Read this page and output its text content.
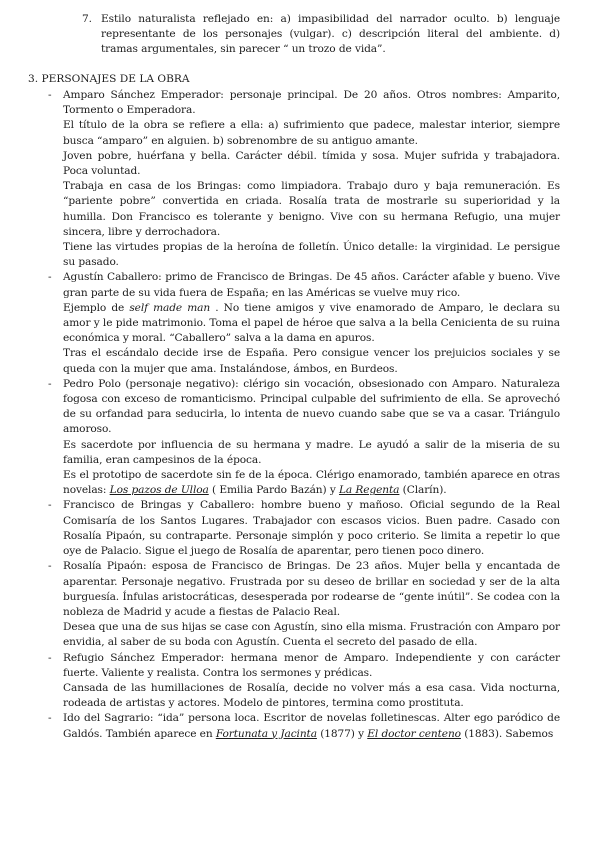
7. Estilo naturalista reflejado en: a) impasibilidad del narrador oculto. b) lenguaje representante de los personajes (vulgar). c) descripción literal del ambiente. d) tramas argumentales, sin parecer “ un trozo de vida”.
3. PERSONAJES DE LA OBRA
- Amparo Sánchez Emperador: personaje principal. De 20 años. Otros nombres: Amparito, Tormento o Emperadora.

El título de la obra se refiere a ella: a) sufrimiento que padece, malestar interior, siempre busca “amparo” en alguien. b) sobrenombre de su antiguo amante.

Joven pobre, huérfana y bella. Carácter débil. tímida y sosa. Mujer sufrida y trabajadora. Poca voluntad.

Trabaja en casa de los Bringas: como limpiadora. Trabajo duro y baja remuneración. Es “pariente pobre” convertida en criada. Rosalía trata de mostrarle su superioridad y la humilla. Don Francisco es tolerante y benigno. Vive con su hermana Refugio, una mujer sincera, libre y derrochadora.

Tiene las virtudes propias de la heroína de folletín. Único detalle: la virginidad. Le persigue su pasado.

- Agustín Caballero: primo de Francisco de Bringas. De 45 años. Carácter afable y bueno. Vive gran parte de su vida fuera de España; en las Américas se vuelve muy rico.

Ejemplo de self made man . No tiene amigos y vive enamorado de Amparo, le declara su amor y le pide matrimonio. Toma el papel de héroe que salva a la bella Cenicienta de su ruina económica y moral. “Caballero” salva a la dama en apuros.

Tras el escándalo decide irse de España. Pero consigue vencer los prejuicios sociales y se queda con la mujer que ama. Instalándose, ámbos, en Burdeos.

- Pedro Polo (personaje negativo): clérigo sin vocación, obsesionado con Amparo. Naturaleza fogosa con exceso de romanticismo. Principal culpable del sufrimiento de ella. Se aprovechó de su orfandad para seducirla, lo intenta de nuevo cuando sabe que se va a casar. Triángulo amoroso.

Es sacerdote por influencia de su hermana y madre. Le ayudó a salir de la miseria de su familia, eran campesinos de la época.

Es el prototipo de sacerdote sin fe de la época. Clérigo enamorado, también aparece en otras novelas: Los pazos de Ulloa ( Emilia Pardo Bazán) y La Regenta (Clarín).

- Francisco de Bringas y Caballero: hombre bueno y mañoso. Oficial segundo de la Real Comisaría de los Santos Lugares. Trabajador con escasos vicios. Buen padre. Casado con Rosalía Pipaón, su contraparte. Personaje simplón y poco criterio. Se limita a repetir lo que oye de Palacio. Sigue el juego de Rosalía de aparentar, pero tienen poco dinero.

- Rosalía Pipaón: esposa de Francisco de Bringas. De 23 años. Mujer bella y encantada de aparentar. Personaje negativo. Frustrada por su deseo de brillar en sociedad y ser de la alta burguesía. Ínfulas aristocráticas, desesperada por rodearse de “gente inútil”. Se codea con la nobleza de Madrid y acude a fiestas de Palacio Real.

Desea que una de sus hijas se case con Agustín, sino ella misma. Frustración con Amparo por envidia, al saber de su boda con Agustín. Cuenta el secreto del pasado de ella.

- Refugio Sánchez Emperador: hermana menor de Amparo. Independiente y con carácter fuerte. Valiente y realista. Contra los sermones y prédicas.

Cansada de las humillaciones de Rosalía, decide no volver más a esa casa. Vida nocturna, rodeada de artistas y actores. Modelo de pintores, termina como prostituta.

- Ido del Sagrario: “ida” persona loca. Escritor de novelas folletinescas. Alter ego paródico de Galdós. También aparece en Fortunata y Jacinta (1877) y El doctor centeno (1883). Sabemos
